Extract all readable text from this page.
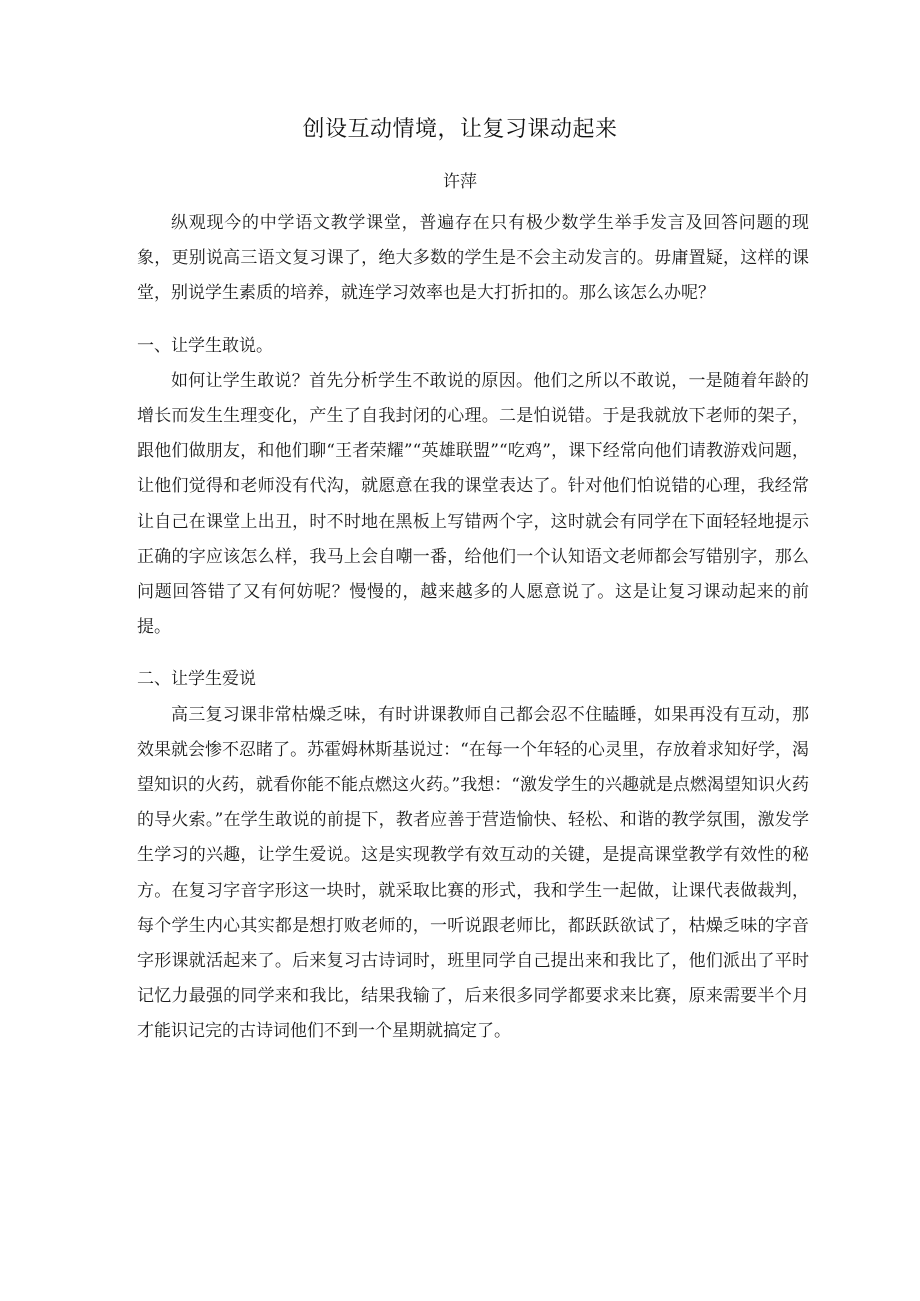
创设互动情境，让复习课动起来
许萍

纵观现今的中学语文教学课堂，普遍存在只有极少数学生举手发言及回答问题的现象，更别说高三语文复习课了，绝大多数的学生是不会主动发言的。毋庸置疑，这样的课堂，别说学生素质的培养，就连学习效率也是大打折扣的。那么该怎么办呢？

一、让学生敢说。

如何让学生敢说？首先分析学生不敢说的原因。他们之所以不敢说，一是随着年龄的增长而发生生理变化，产生了自我封闭的心理。二是怕说错。于是我就放下老师的架子，跟他们做朋友，和他们聊“王者荣耀”“英雄联盟”“吃鸡”，课下经常向他们请教游戏问题，让他们觉得和老师没有代沟，就愿意在我的课堂表达了。针对他们怕说错的心理，我经常让自己在课堂上出丑，时不时地在黑板上写错两个字，这时就会有同学在下面轻轻地提示正确的字应该怎么样，我马上会自嘲一番，给他们一个认知语文老师都会写错别字，那么问题回答错了又有何妨呢？慢慢的，越来越多的人愿意说了。这是让复习课动起来的前提。

二、让学生爱说

高三复习课非常枯燥乏味，有时讲课教师自己都会忍不住瞌睡，如果再没有互动，那效果就会惨不忍睹了。苏霍姆林斯基说过：“在每一个年轻的心灵里，存放着求知好学，渴望知识的火药，就看你能不能点燃这火药。”我想：“激发学生的兴趣就是点燃渴望知识火药的导火索。”在学生敢说的前提下，教者应善于营造愉快、轻松、和谐的教学氛围，激发学生学习的兴趣，让学生爱说。这是实现教学有效互动的关键，是提高课堂教学有效性的秘方。在复习字音字形这一块时，就采取比赛的形式，我和学生一起做，让课代表做裁判，每个学生内心其实都是想打败老师的，一听说跟老师比，都跃跃欲试了，枯燥乏味的字音字形课就活起来了。后来复习古诗词时，班里同学自己提出来和我比了，他们派出了平时记忆力最强的同学来和我比，结果我输了，后来很多同学都要求来比赛，原来需要半个月才能识记完的古诗词他们不到一个星期就搞定了。
